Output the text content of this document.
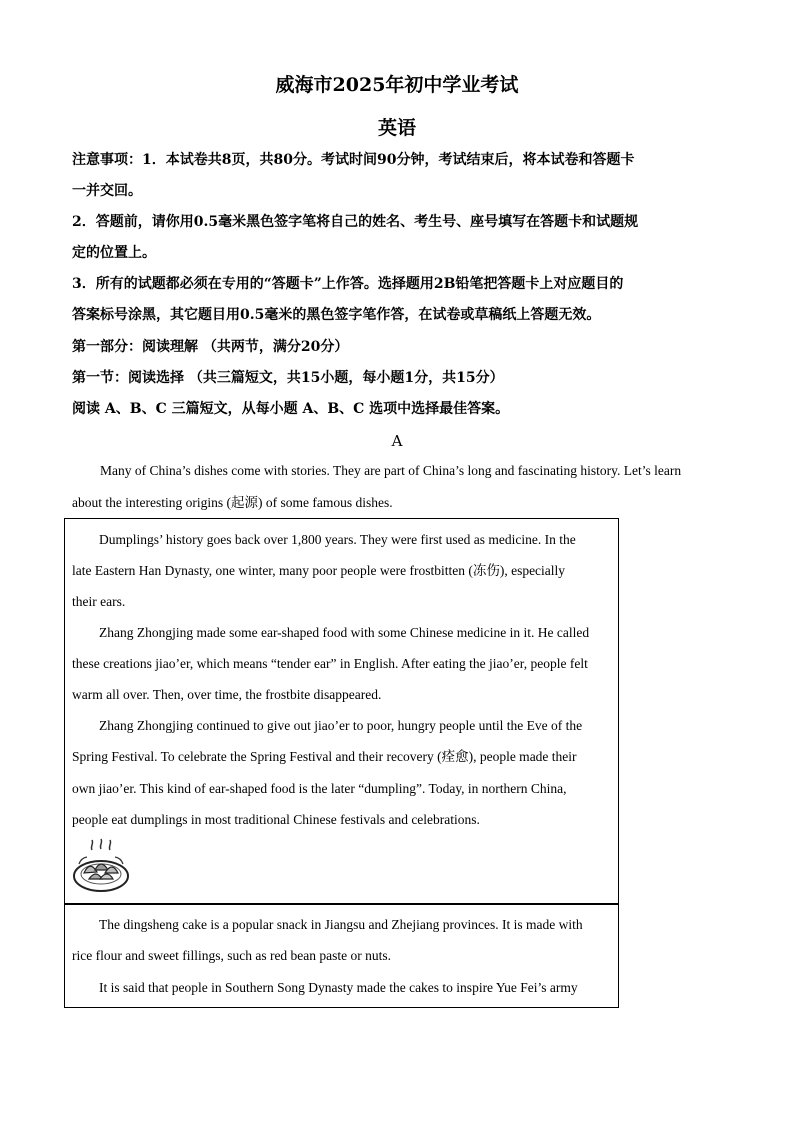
威海市2025年初中学业考试
英语

注意事项：1．本试卷共8页，共80分。考试时间90分钟，考试结束后，将本试卷和答题卡

一并交回。

2．答题前，请你用0.5毫米黑色签字笔将自己的姓名、考生号、座号填写在答题卡和试题规

定的位置上。

3．所有的试题都必须在专用的“答题卡”上作答。选择题用2B铅笔把答题卡上对应题目的

答案标号涂黑，其它题目用0.5毫米的黑色签字笔作答，在试卷或草稿纸上答题无效。

第一部分：阅读理解 （共两节，满分20分）

第一节：阅读选择 （共三篇短文，共15小题，每小题1分，共15分）

阅读 A、B、C 三篇短文，从每小题 A、B、C 选项中选择最佳答案。

A

Many of China’s dishes come with stories. They are part of China’s long and fascinating history. Let’s learn

about the interesting origins (起源) of some famous dishes.

Dumplings’ history goes back over 1,800 years. They were first used as medicine. In the

late Eastern Han Dynasty, one winter, many poor people were frostbitten (冻伤), especially

their ears.

Zhang Zhongjing made some ear-shaped food with some Chinese medicine in it. He called

these creations jiao’er, which means “tender ear” in English. After eating the jiao’er, people felt

warm all over. Then, over time, the frostbite disappeared.

Zhang Zhongjing continued to give out jiao’er to poor, hungry people until the Eve of the

Spring Festival. To celebrate the Spring Festival and their recovery (痊愈), people made their

own jiao’er. This kind of ear-shaped food is the later “dumpling”. Today, in northern China,

people eat dumplings in most traditional Chinese festivals and celebrations.

The dingsheng cake is a popular snack in Jiangsu and Zhejiang provinces. It is made with

rice flour and sweet fillings, such as red bean paste or nuts.

It is said that people in Southern Song Dynasty made the cakes to inspire Yue Fei’s army
